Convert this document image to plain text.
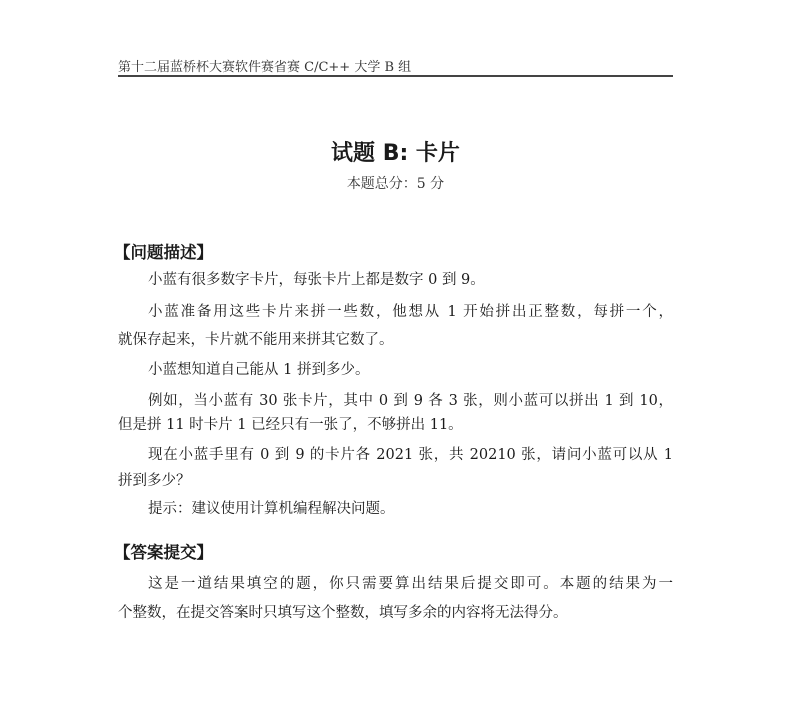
第十二届蓝桥杯大赛软件赛省赛 C/C++ 大学 B 组
试题 B: 卡片
本题总分：5 分
【问题描述】
小蓝有很多数字卡片，每张卡片上都是数字 0 到 9。
小蓝准备用这些卡片来拼一些数，他想从 1 开始拼出正整数，每拼一个，
就保存起来，卡片就不能用来拼其它数了。
小蓝想知道自己能从 1 拼到多少。
例如，当小蓝有 30 张卡片，其中 0 到 9 各 3 张，则小蓝可以拼出 1 到 10，
但是拼 11 时卡片 1 已经只有一张了，不够拼出 11。
现在小蓝手里有 0 到 9 的卡片各 2021 张，共 20210 张，请问小蓝可以从 1
拼到多少？
提示：建议使用计算机编程解决问题。
【答案提交】
这是一道结果填空的题，你只需要算出结果后提交即可。本题的结果为一
个整数，在提交答案时只填写这个整数，填写多余的内容将无法得分。
